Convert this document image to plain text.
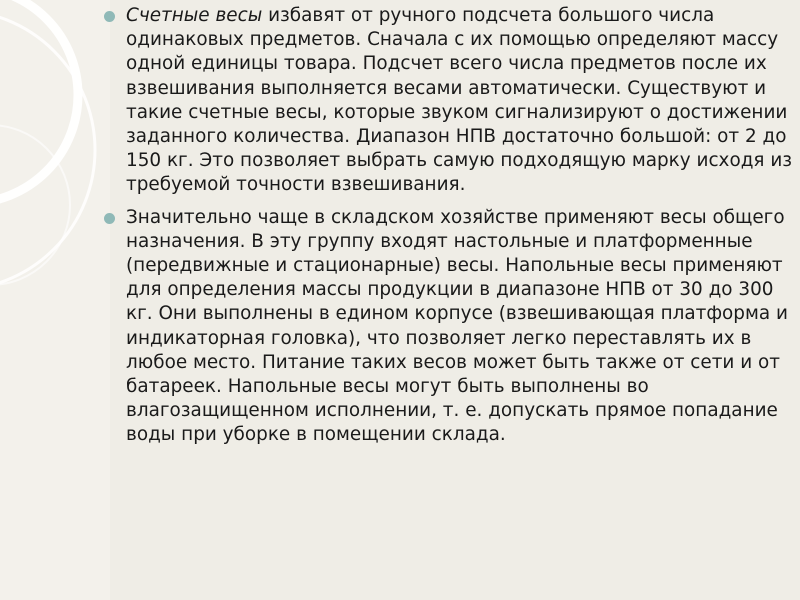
Счетные весы избавят от ручного подсчета большого числа одинаковых предметов. Сначала с их помощью определяют массу одной единицы товара. Подсчет всего числа предметов после их взвешивания выполняется весами автоматически. Существуют и такие счетные весы, которые звуком сигнализируют о достижении заданного количества. Диапазон НПВ достаточно большой: от 2 до 150 кг. Это позволяет выбрать самую подходящую марку исходя из требуемой точности взвешивания.
Значительно чаще в складском хозяйстве применяют весы общего назначения. В эту группу входят настольные и платформенные (передвижные и стационарные) весы. Напольные весы применяют для определения массы продукции в диапазоне НПВ от 30 до 300 кг. Они выполнены в едином корпусе (взвешивающая платформа и индикаторная головка), что позволяет легко переставлять их в любое место. Питание таких весов может быть также от сети и от батареек. Напольные весы могут быть выполнены во влагозащищенном исполнении, т. е. допускать прямое попадание воды при уборке в помещении склада.
